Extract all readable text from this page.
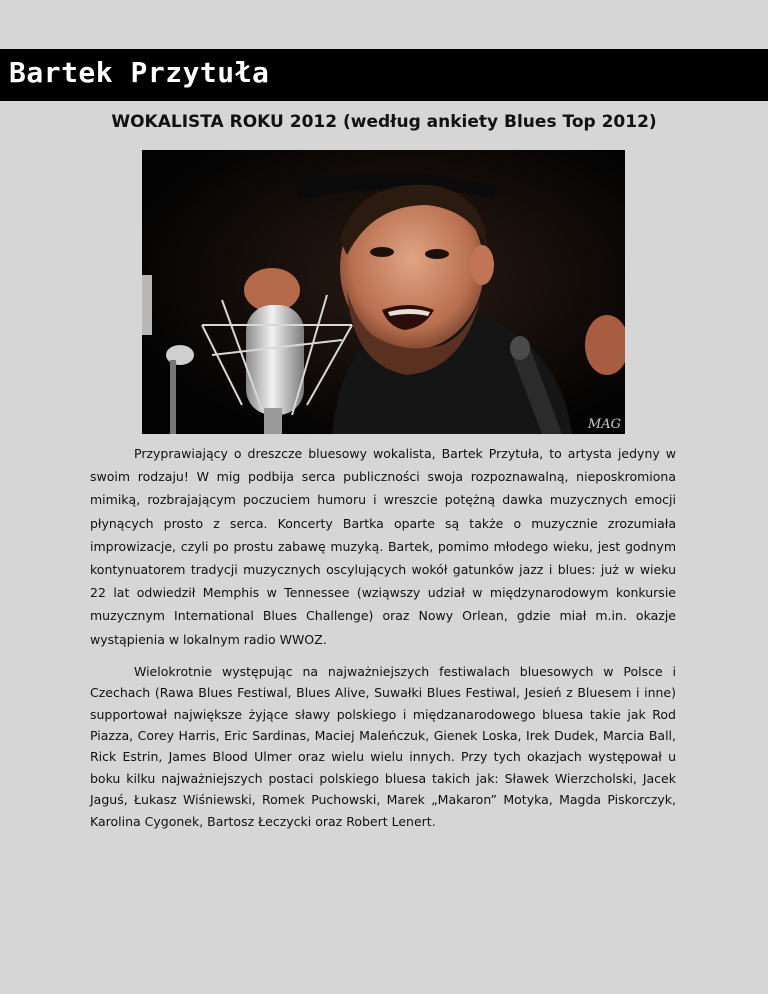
Bartek Przytuła
WOKALISTA ROKU 2012 (według ankiety Blues Top 2012)
MAG

Przyprawiający o dreszcze bluesowy wokalista, Bartek Przytuła, to artysta jedyny w swoim rodzaju! W mig podbija serca publiczności swoja rozpoznawalną, nieposkromiona mimiką, rozbrajającym poczuciem humoru i wreszcie potężną dawka muzycznych emocji płynących prosto z serca. Koncerty Bartka oparte są także o muzycznie zrozumiała improwizacje, czyli po prostu zabawę muzyką. Bartek, pomimo młodego wieku, jest godnym kontynuatorem tradycji muzycznych oscylujących wokół gatunków jazz i blues: już w wieku 22 lat odwiedził Memphis w Tennessee (wziąwszy udział w międzynarodowym konkursie muzycznym International Blues Challenge) oraz Nowy Orlean, gdzie miał m.in. okazje wystąpienia w lokalnym radio WWOZ.

Wielokrotnie występując na najważniejszych festiwalach bluesowych w Polsce i Czechach (Rawa Blues Festiwal, Blues Alive, Suwałki Blues Festiwal, Jesień z Bluesem i inne) supportował największe żyjące sławy polskiego i międzanarodowego bluesa takie jak Rod Piazza, Corey Harris, Eric Sardinas, Maciej Maleńczuk, Gienek Loska, Irek Dudek, Marcia Ball, Rick Estrin, James Blood Ulmer oraz wielu wielu innych. Przy tych okazjach występował u boku kilku najważniejszych postaci polskiego bluesa takich jak: Sławek Wierzcholski, Jacek Jaguś, Łukasz Wiśniewski, Romek Puchowski, Marek „Makaron” Motyka, Magda Piskorczyk, Karolina Cygonek, Bartosz Łeczycki oraz Robert Lenert.
